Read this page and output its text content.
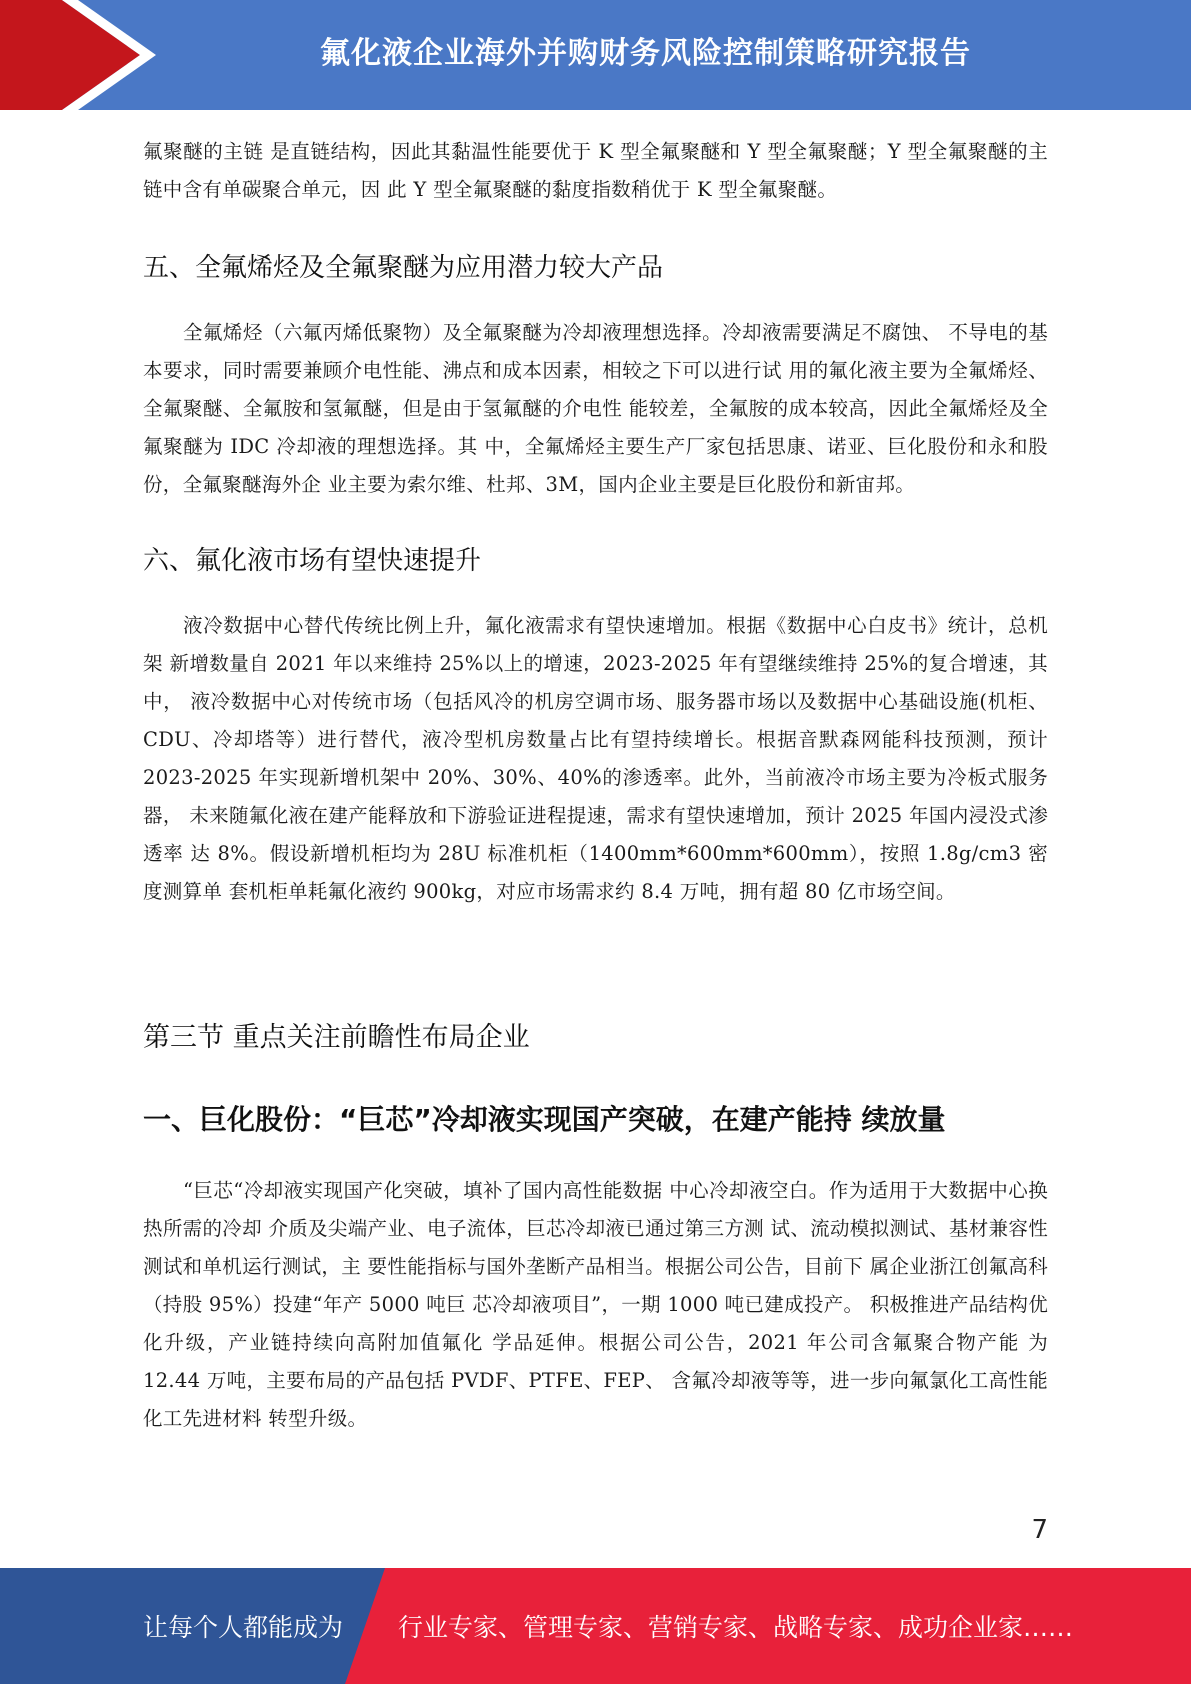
氟化液企业海外并购财务风险控制策略研究报告

氟聚醚的主链 是直链结构，因此其黏温性能要优于 K 型全氟聚醚和 Y 型全氟聚醚；Y 型全氟聚醚的主链中含有单碳聚合单元，因 此 Y 型全氟聚醚的黏度指数稍优于 K 型全氟聚醚。

五、全氟烯烃及全氟聚醚为应用潜力较大产品

全氟烯烃（六氟丙烯低聚物）及全氟聚醚为冷却液理想选择。冷却液需要满足不腐蚀、 不导电的基本要求，同时需要兼顾介电性能、沸点和成本因素，相较之下可以进行试 用的氟化液主要为全氟烯烃、全氟聚醚、全氟胺和氢氟醚，但是由于氢氟醚的介电性 能较差，全氟胺的成本较高，因此全氟烯烃及全氟聚醚为 IDC 冷却液的理想选择。其 中，全氟烯烃主要生产厂家包括思康、诺亚、巨化股份和永和股份，全氟聚醚海外企 业主要为索尔维、杜邦、3M，国内企业主要是巨化股份和新宙邦。

六、氟化液市场有望快速提升

液冷数据中心替代传统比例上升，氟化液需求有望快速增加。根据《数据中心白皮书》统计，总机架 新增数量自 2021 年以来维持 25%以上的增速，2023-2025 年有望继续维持 25%的复合增速，其中， 液冷数据中心对传统市场（包括风冷的机房空调市场、服务器市场以及数据中心基础设施(机柜、 CDU、冷却塔等）进行替代，液冷型机房数量占比有望持续增长。根据音默森网能科技预测，预计 2023-2025 年实现新增机架中 20%、30%、40%的渗透率。此外，当前液冷市场主要为冷板式服务器， 未来随氟化液在建产能释放和下游验证进程提速，需求有望快速增加，预计 2025 年国内浸没式渗透率 达 8%。假设新增机柜均为 28U 标准机柜（1400mm*600mm*600mm），按照 1.8g/cm3 密度测算单 套机柜单耗氟化液约 900kg，对应市场需求约 8.4 万吨，拥有超 80 亿市场空间。

第三节 重点关注前瞻性布局企业
一、巨化股份：“巨芯”冷却液实现国产突破，在建产能持 续放量

“巨芯“冷却液实现国产化突破，填补了国内高性能数据 中心冷却液空白。作为适用于大数据中心换热所需的冷却 介质及尖端产业、电子流体，巨芯冷却液已通过第三方测 试、流动模拟测试、基材兼容性测试和单机运行测试，主 要性能指标与国外垄断产品相当。根据公司公告，目前下 属企业浙江创氟高科（持股 95%）投建“年产 5000 吨巨 芯冷却液项目”，一期 1000 吨已建成投产。 积极推进产品结构优化升级，产业链持续向高附加值氟化 学品延伸。根据公司公告，2021 年公司含氟聚合物产能 为 12.44 万吨，主要布局的产品包括 PVDF、PTFE、FEP、 含氟冷却液等等，进一步向氟氯化工高性能化工先进材料 转型升级。

7
让每个人都能成为 行业专家、管理专家、营销专家、战略专家、成功企业家……
